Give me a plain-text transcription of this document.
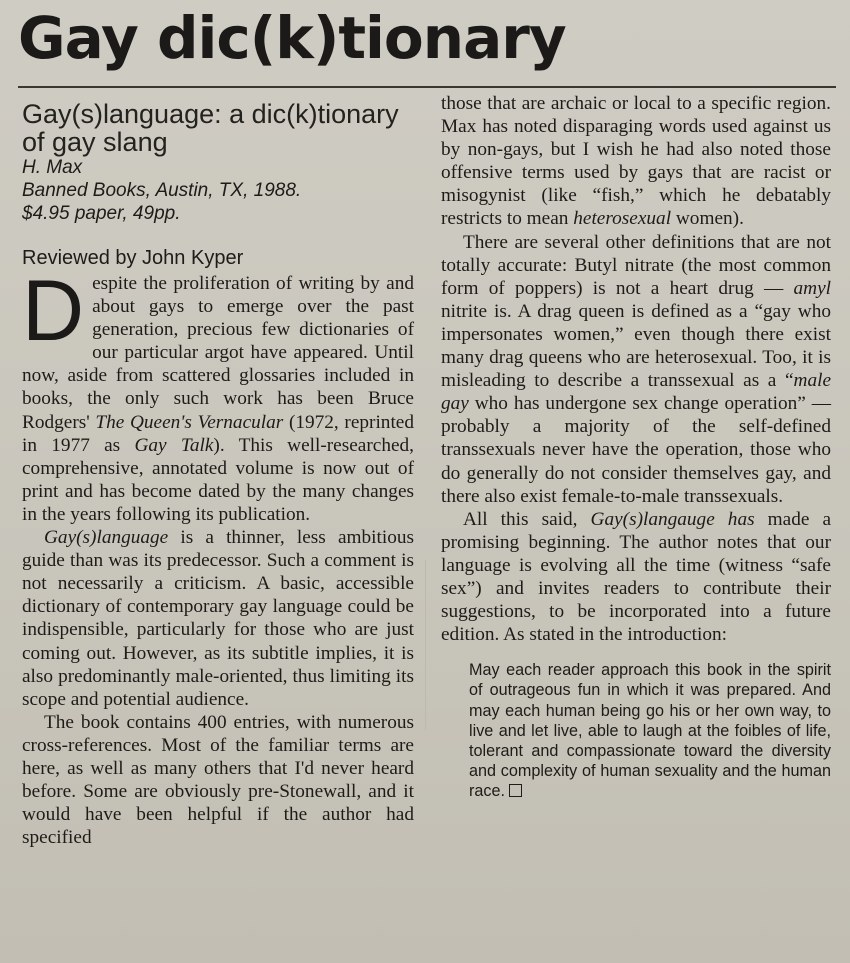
Gay dic(k)tionary
Gay(s)language: a dic(k)tionary
of gay slang

H. Max

Banned Books, Austin, TX, 1988.

$4.95 paper, 49pp.

Reviewed by John Kyper

Despite the proliferation of writing by and about gays to emerge over the past generation, precious few dictionaries of our particular argot have appeared. Until now, aside from scattered glossaries included in books, the only such work has been Bruce Rodgers' The Queen's Vernacular (1972, reprinted in 1977 as Gay Talk). This well-researched, comprehensive, annotated volume is now out of print and has become dated by the many changes in the years following its publication.

Gay(s)language is a thinner, less ambitious guide than was its predecessor. Such a comment is not necessarily a criticism. A basic, accessible dictionary of contemporary gay language could be indispensible, particularly for those who are just coming out. However, as its subtitle implies, it is also predominantly male-oriented, thus limiting its scope and potential audience.

The book contains 400 entries, with numerous cross-references. Most of the familiar terms are here, as well as many others that I'd never heard before. Some are obviously pre-Stonewall, and it would have been helpful if the author had specified

those that are archaic or local to a specific region. Max has noted disparaging words used against us by non-gays, but I wish he had also noted those offensive terms used by gays that are racist or misogynist (like “fish,” which he debatably restricts to mean heterosexual women).

There are several other definitions that are not totally accurate: Butyl nitrate (the most common form of poppers) is not a heart drug — amyl nitrite is. A drag queen is defined as a “gay who impersonates women,” even though there exist many drag queens who are heterosexual. Too, it is misleading to describe a transsexual as a “male gay who has undergone sex change operation” — probably a majority of the self-defined transsexuals never have the operation, those who do generally do not consider themselves gay, and there also exist female-to-male transsexuals.

All this said, Gay(s)langauge has made a promising beginning. The author notes that our language is evolving all the time (witness “safe sex”) and invites readers to contribute their suggestions, to be incorporated into a future edition. As stated in the introduction:

May each reader approach this book in the spirit of outrageous fun in which it was prepared. And may each human being go his or her own way, to live and let live, able to laugh at the foibles of life, tolerant and compassionate toward the diversity and complexity of human sexuality and the human race.
